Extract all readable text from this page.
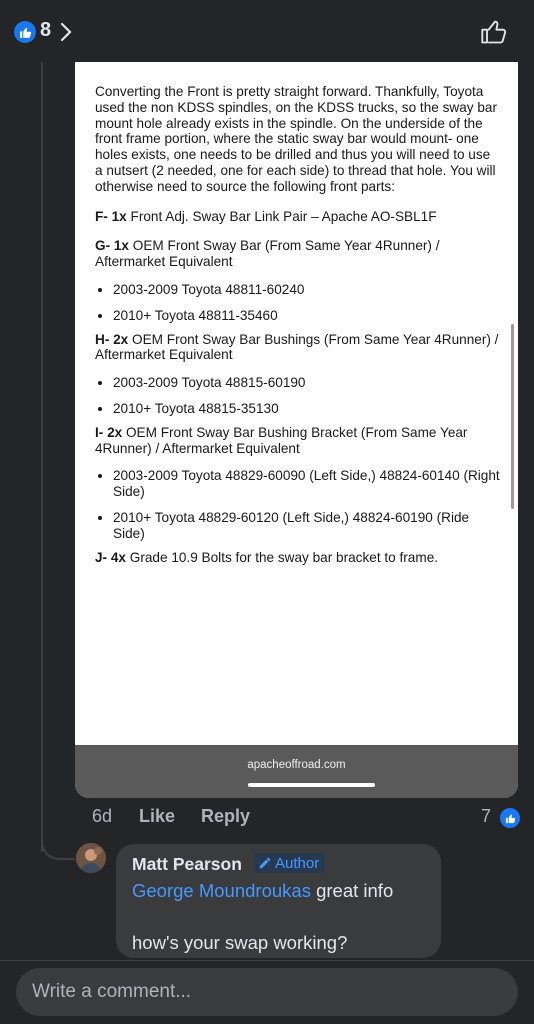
8

Converting the Front is pretty straight forward. Thankfully, Toyota used the non KDSS spindles, on the KDSS trucks, so the sway bar mount hole already exists in the spindle. On the underside of the front frame portion, where the static sway bar would mount- one holes exists, one needs to be drilled and thus you will need to use a nutsert (2 needed, one for each side) to thread that hole. You will otherwise need to source the following front parts:

F- 1x Front Adj. Sway Bar Link Pair – Apache AO-SBL1F

G- 1x OEM Front Sway Bar (From Same Year 4Runner) / Aftermarket Equivalent

• 2003-2009 Toyota 48811-60240
• 2010+ Toyota 48811-35460

H- 2x OEM Front Sway Bar Bushings (From Same Year 4Runner) / Aftermarket Equivalent

• 2003-2009 Toyota 48815-60190
• 2010+ Toyota 48815-35130

I- 2x OEM Front Sway Bar Bushing Bracket (From Same Year 4Runner) / Aftermarket Equivalent

• 2003-2009 Toyota 48829-60090 (Left Side,) 48824-60140 (Right Side)
• 2010+ Toyota 48829-60120 (Left Side,) 48824-60190 (Ride Side)

J- 4x Grade 10.9 Bolts for the sway bar bracket to frame.

apacheoffroad.com
6d Like Reply	7
Matt Pearson Author
George Moundroukas great info
how's your swap working?
Write a comment...
